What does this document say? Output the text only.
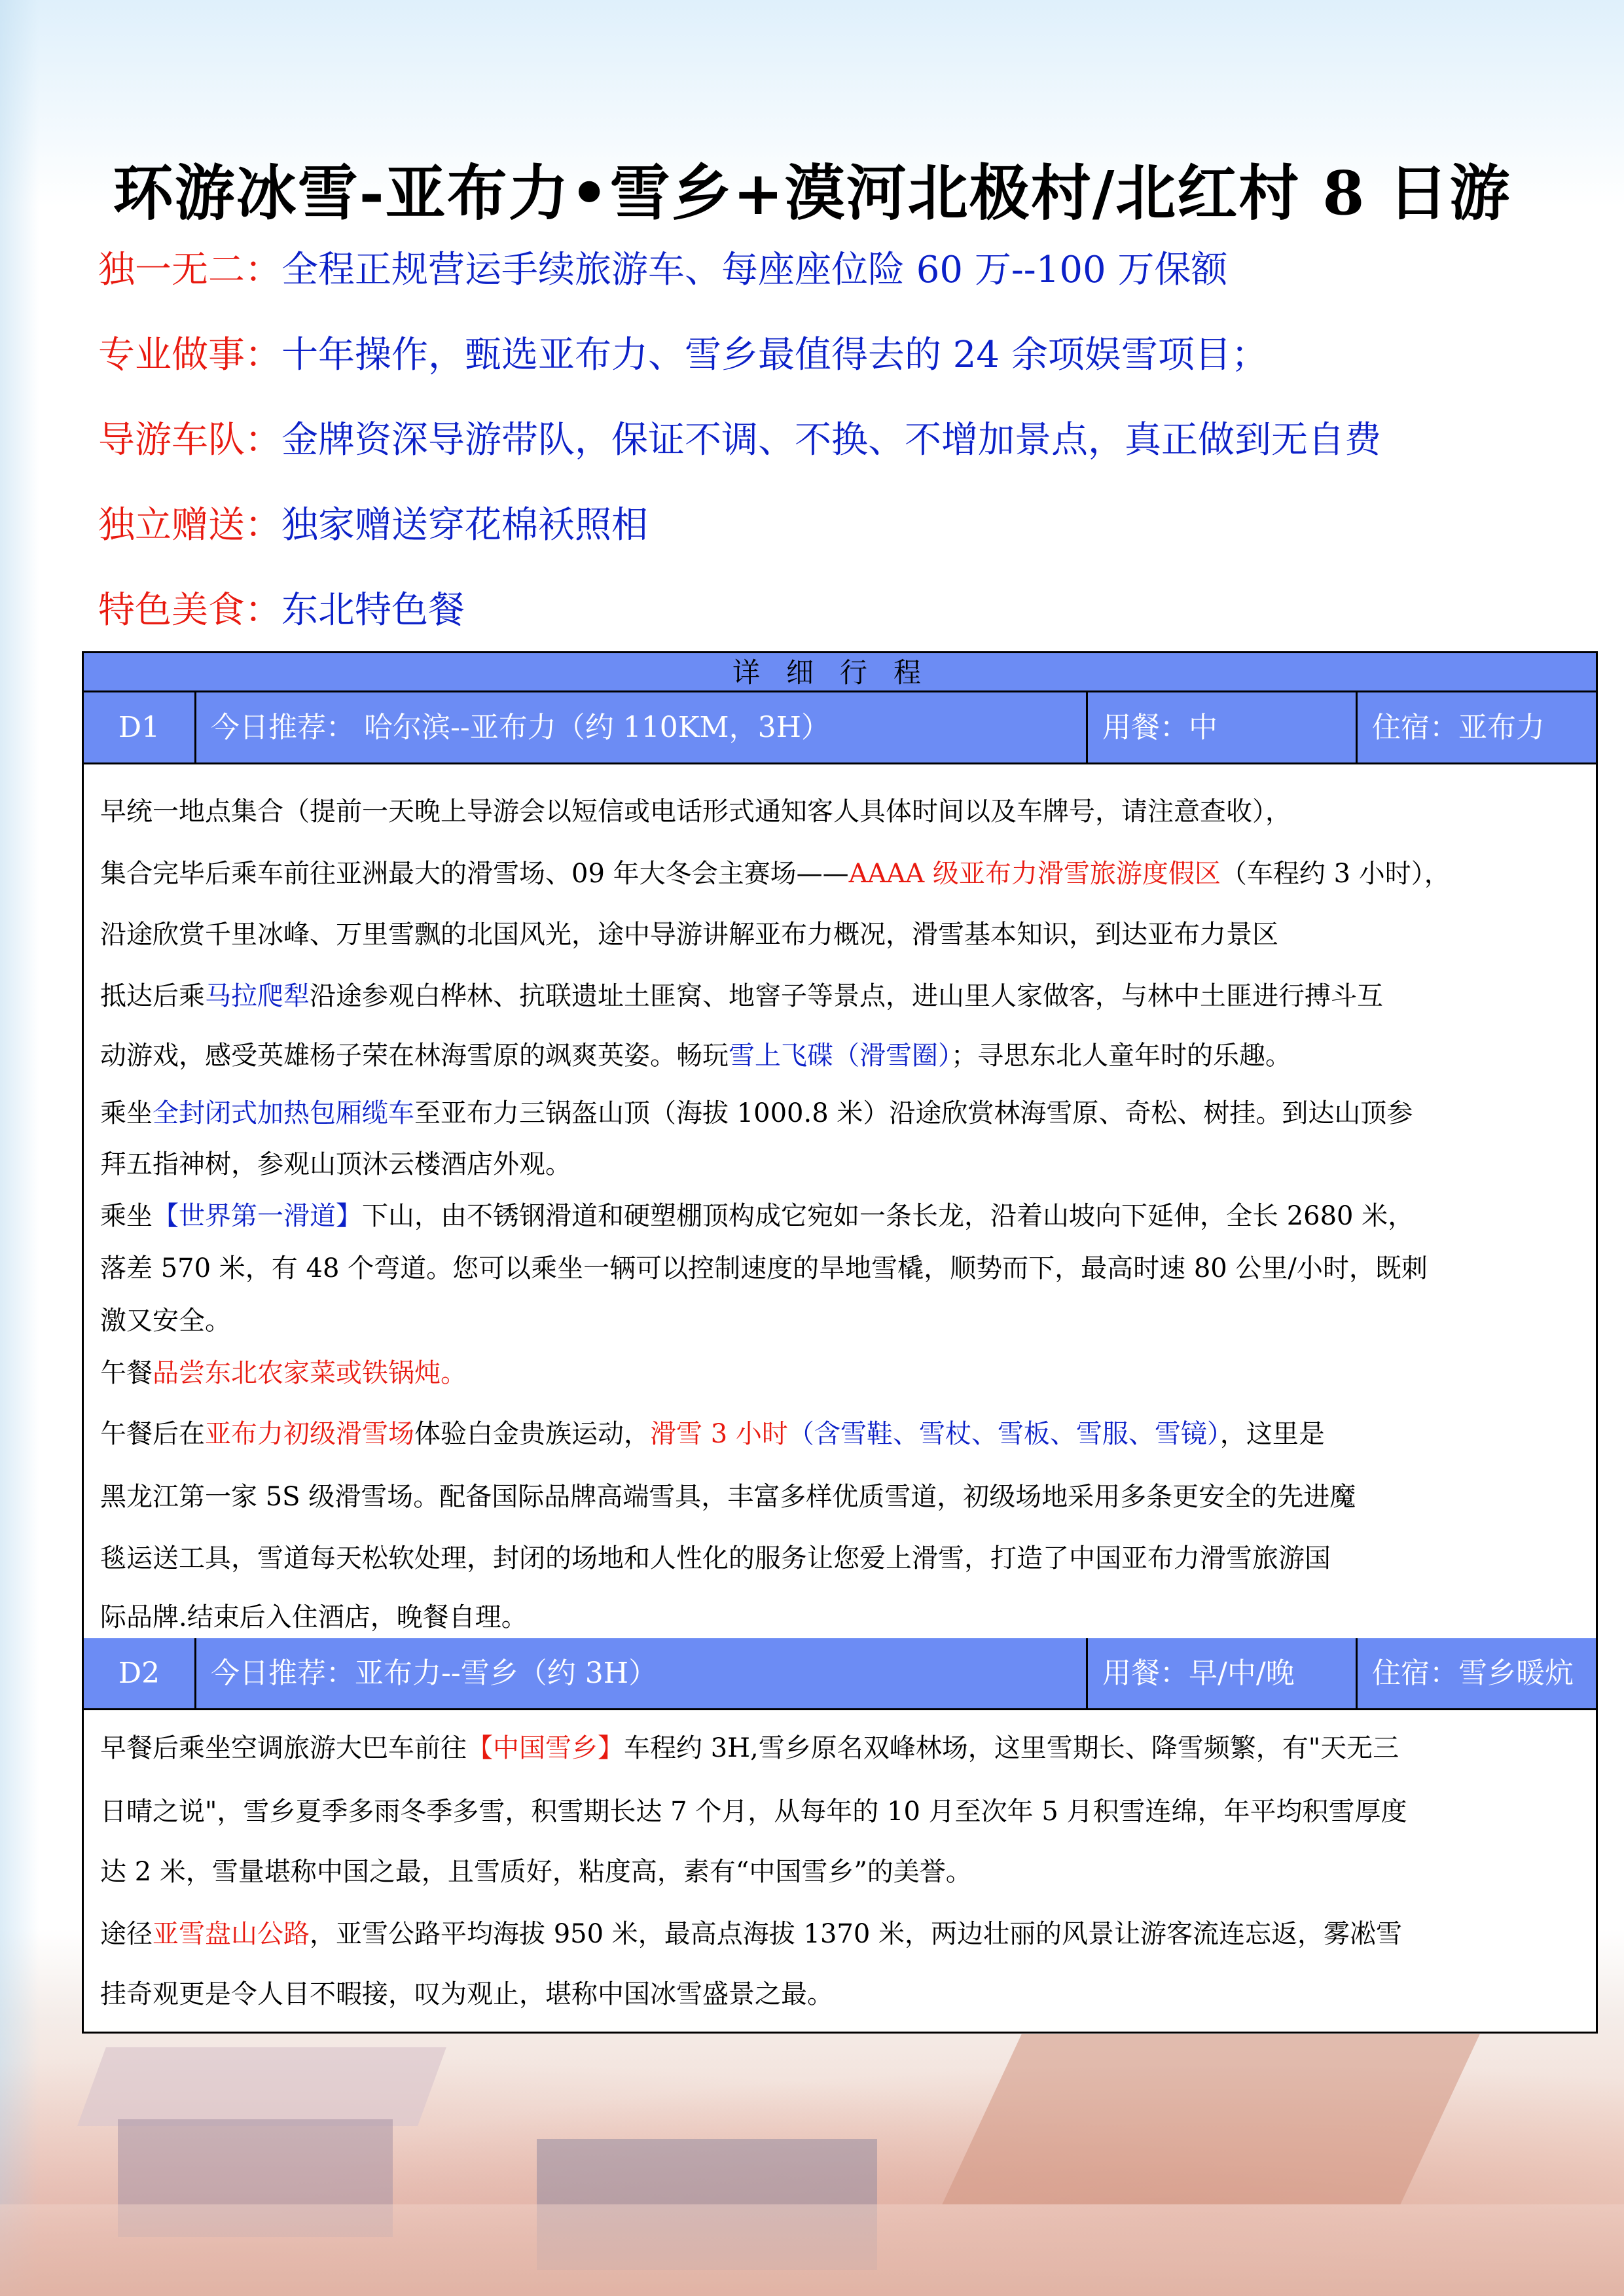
环游冰雪-亚布力•雪乡+漠河北极村/北红村 8 日游
独一无二：全程正规营运手续旅游车、每座座位险 60 万--100 万保额
专业做事：十年操作，甄选亚布力、雪乡最值得去的 24 余项娱雪项目；
导游车队：金牌资深导游带队，保证不调、不换、不增加景点，真正做到无自费
独立赠送：独家赠送穿花棉袄照相
特色美食：东北特色餐
详细行程
D1	今日推荐： 哈尔滨--亚布力（约 110KM，3H）	用餐：中	住宿：亚布力
早统一地点集合（提前一天晚上导游会以短信或电话形式通知客人具体时间以及车牌号，请注意查收），
集合完毕后乘车前往亚洲最大的滑雪场、09 年大冬会主赛场——AAAA 级亚布力滑雪旅游度假区（车程约 3 小时），
沿途欣赏千里冰峰、万里雪飘的北国风光，途中导游讲解亚布力概况，滑雪基本知识，到达亚布力景区
抵达后乘马拉爬犁沿途参观白桦林、抗联遗址土匪窝、地窨子等景点，进山里人家做客，与林中土匪进行搏斗互
动游戏，感受英雄杨子荣在林海雪原的飒爽英姿。畅玩雪上飞碟（滑雪圈）；寻思东北人童年时的乐趣。
乘坐全封闭式加热包厢缆车至亚布力三锅盔山顶（海拔 1000.8 米）沿途欣赏林海雪原、奇松、树挂。到达山顶参
拜五指神树，参观山顶沐云楼酒店外观。
乘坐【世界第一滑道】下山，由不锈钢滑道和硬塑棚顶构成它宛如一条长龙，沿着山坡向下延伸，全长 2680 米，
落差 570 米，有 48 个弯道。您可以乘坐一辆可以控制速度的旱地雪橇，顺势而下，最高时速 80 公里/小时，既刺
激又安全。
午餐品尝东北农家菜或铁锅炖。
午餐后在亚布力初级滑雪场体验白金贵族运动，滑雪 3 小时（含雪鞋、雪杖、雪板、雪服、雪镜），这里是
黑龙江第一家 5S 级滑雪场。配备国际品牌高端雪具，丰富多样优质雪道，初级场地采用多条更安全的先进魔
毯运送工具，雪道每天松软处理，封闭的场地和人性化的服务让您爱上滑雪，打造了中国亚布力滑雪旅游国
际品牌.结束后入住酒店，晚餐自理。
D2	今日推荐：亚布力--雪乡（约 3H）	用餐：早/中/晚	住宿：雪乡暖炕
早餐后乘坐空调旅游大巴车前往【中国雪乡】车程约 3H,雪乡原名双峰林场，这里雪期长、降雪频繁，有"天无三
日晴之说"，雪乡夏季多雨冬季多雪，积雪期长达 7 个月，从每年的 10 月至次年 5 月积雪连绵，年平均积雪厚度
达 2 米，雪量堪称中国之最，且雪质好，粘度高，素有“中国雪乡”的美誉。
途径亚雪盘山公路，亚雪公路平均海拔 950 米，最高点海拔 1370 米，两边壮丽的风景让游客流连忘返，雾凇雪
挂奇观更是令人目不暇接，叹为观止，堪称中国冰雪盛景之最。
